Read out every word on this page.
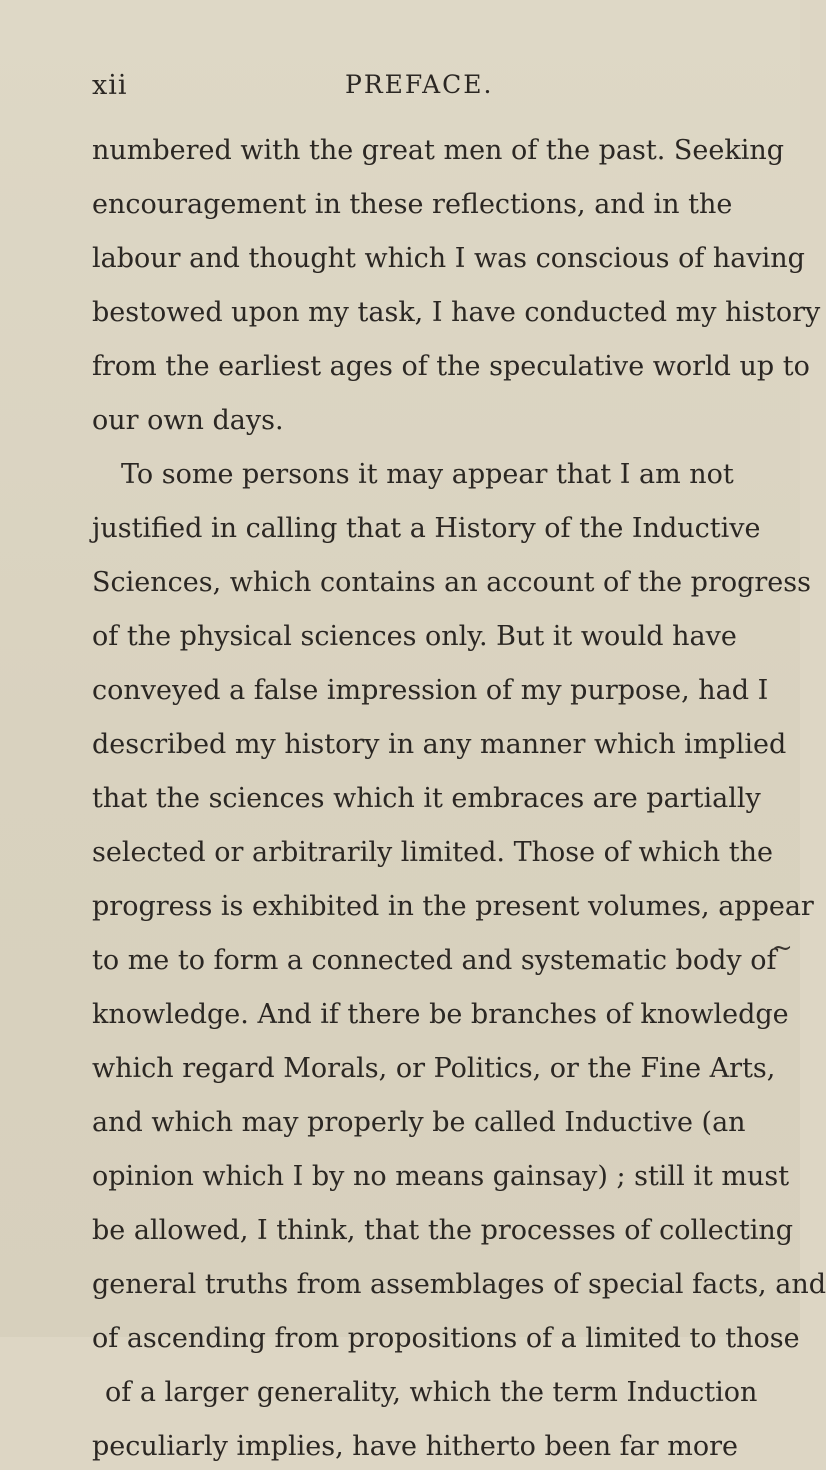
xii	PREFACE.
numbered with the great men of the past. Seeking
encouragement in these reflections, and in the
labour and thought which I was conscious of having
bestowed upon my task, I have conducted my history
from the earliest ages of the speculative world up to
our own days.
To some persons it may appear that I am not
justified in calling that a History of the Inductive
Sciences, which contains an account of the progress
of the physical sciences only. But it would have
conveyed a false impression of my purpose, had I
described my history in any manner which implied
that the sciences which it embraces are partially
selected or arbitrarily limited. Those of which the
progress is exhibited in the present volumes, appear
to me to form a connected and systematic body of
knowledge. And if there be branches of knowledge
which regard Morals, or Politics, or the Fine Arts,
and which may properly be called Inductive (an
opinion which I by no means gainsay) ; still it must
be allowed, I think, that the processes of collecting
general truths from assemblages of special facts, and
of ascending from propositions of a limited to those
of a larger generality, which the term Induction
peculiarly implies, have hitherto been far more
~
